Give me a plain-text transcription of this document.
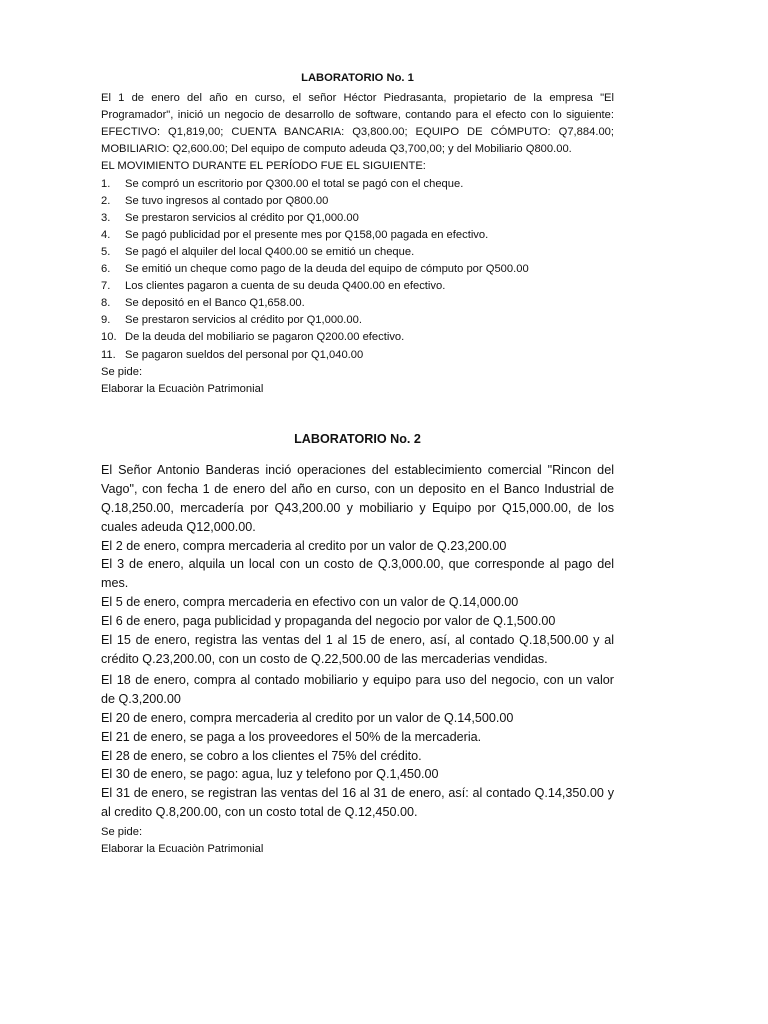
LABORATORIO No. 1

El 1 de enero del año en curso, el señor Héctor Piedrasanta, propietario de la empresa "El Programador", inició un negocio de desarrollo de software, contando para el efecto con lo siguiente: EFECTIVO: Q1,819,00; CUENTA BANCARIA: Q3,800.00; EQUIPO DE CÓMPUTO: Q7,884.00; MOBILIARIO: Q2,600.00; Del equipo de computo adeuda Q3,700,00; y del Mobiliario Q800.00.

EL MOVIMIENTO DURANTE EL PERÍODO FUE EL SIGUIENTE:

1.	Se compró un escritorio por Q300.00 el total se pagó con el cheque.
2.	Se tuvo ingresos al contado por Q800.00
3.	Se prestaron servicios al crédito por Q1,000.00
4.	Se pagó publicidad por el presente mes por Q158,00 pagada en efectivo.
5.	Se pagó el alquiler del local Q400.00 se emitió un cheque.
6.	Se emitió un cheque como pago de la deuda del equipo de cómputo por Q500.00
7.	Los clientes pagaron a cuenta de su deuda Q400.00 en efectivo.
8.	Se depositó en el Banco Q1,658.00.
9.	Se prestaron servicios al crédito por Q1,000.00.
10. De la deuda del mobiliario se pagaron Q200.00 efectivo.
11. Se pagaron sueldos del personal por Q1,040.00

Se pide:

Elaborar la Ecuaciòn Patrimonial

LABORATORIO No. 2

El Señor Antonio Banderas inció operaciones del establecimiento comercial "Rincon del Vago", con fecha 1 de enero del año en curso, con un deposito en el Banco Industrial de Q.18,250.00, mercadería por Q43,200.00 y mobiliario y Equipo por Q15,000.00, de los cuales adeuda Q12,000.00.

El 2 de enero, compra mercaderia al credito por un valor de Q.23,200.00

El 3 de enero, alquila un local con un costo de Q.3,000.00, que corresponde al pago del mes.

El 5 de enero, compra mercaderia en efectivo con un valor de Q.14,000.00

El 6 de enero, paga publicidad y propaganda del negocio por valor de Q.1,500.00

El 15 de enero, registra las ventas del 1 al 15 de enero, así, al contado Q.18,500.00 y al crédito Q.23,200.00, con un costo de Q.22,500.00 de las mercaderias vendidas.

El 18 de enero, compra al contado mobiliario y equipo para uso del negocio, con un valor de Q.3,200.00

El 20 de enero, compra mercaderia al credito por un valor de Q.14,500.00

El 21 de enero, se paga a los proveedores el 50% de la mercaderia.

El 28 de enero, se cobro a los clientes el 75% del crédito.

El 30 de enero, se pago: agua, luz y telefono por Q.1,450.00

El 31 de enero, se registran las ventas del 16 al 31 de enero, así: al contado Q.14,350.00 y al credito Q.8,200.00, con un costo total de Q.12,450.00.

Se pide:

Elaborar la Ecuaciòn Patrimonial
